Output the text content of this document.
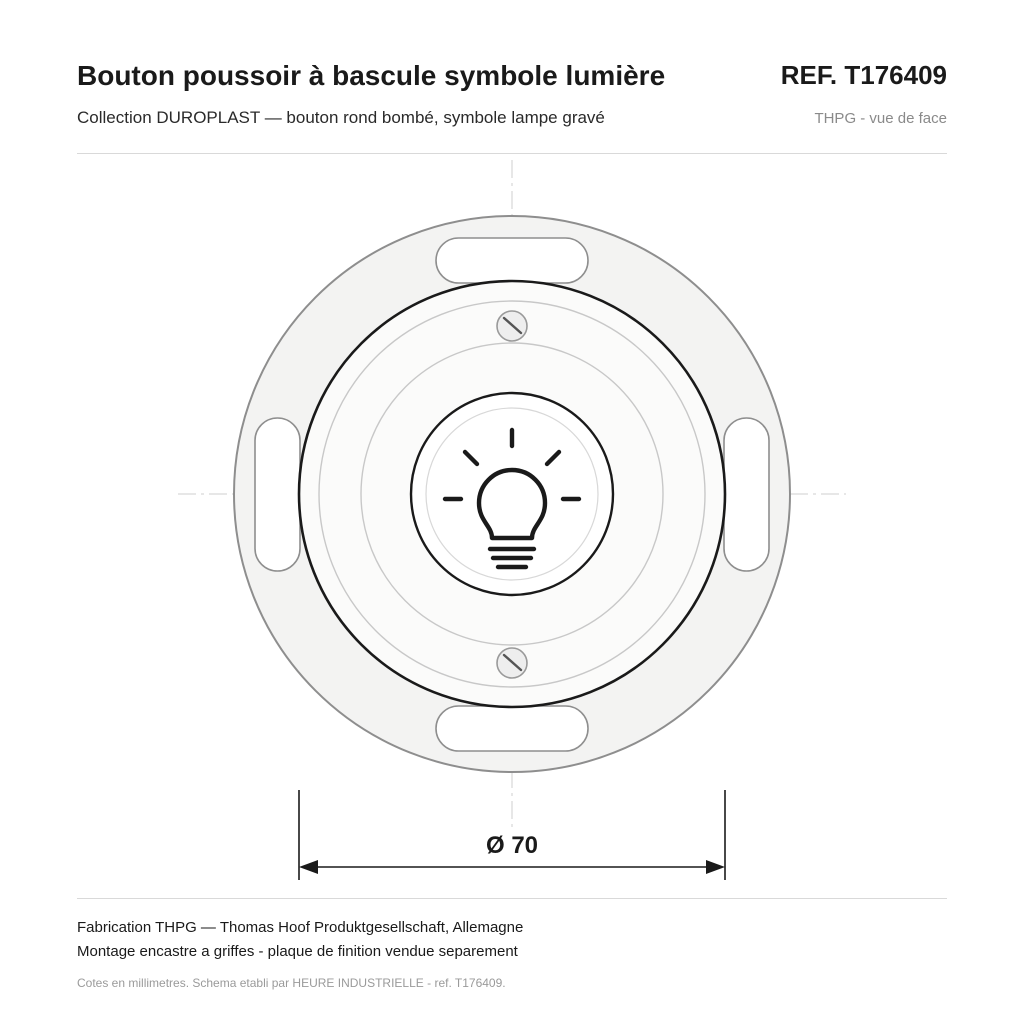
Bouton poussoir à bascule symbole lumière	REF. T176409
Collection DUROPLAST — bouton rond bombé, symbole lampe gravé	THPG - vue de face
Ø 70
Fabrication THPG — Thomas Hoof Produktgesellschaft, Allemagne
Montage encastre a griffes - plaque de finition vendue separement
Cotes en millimetres. Schema etabli par HEURE INDUSTRIELLE - ref. T176409.
